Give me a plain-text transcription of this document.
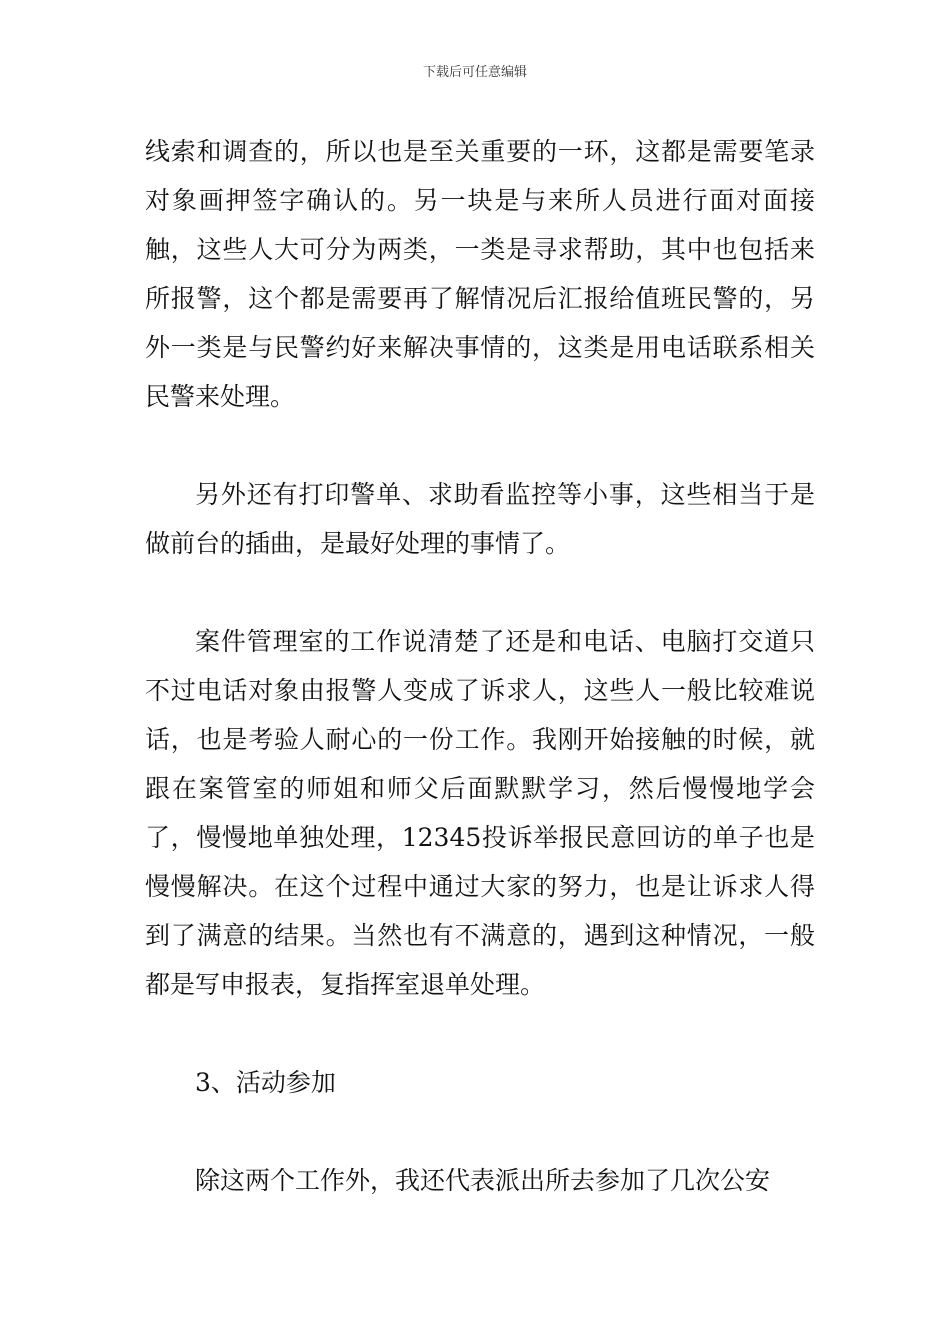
下载后可任意编辑

线索和调查的，所以也是至关重要的一环，这都是需要笔录对象画押签字确认的。另一块是与来所人员进行面对面接触，这些人大可分为两类，一类是寻求帮助，其中也包括来所报警，这个都是需要再了解情况后汇报给值班民警的，另外一类是与民警约好来解决事情的，这类是用电话联系相关民警来处理。

另外还有打印警单、求助看监控等小事，这些相当于是做前台的插曲，是最好处理的事情了。

案件管理室的工作说清楚了还是和电话、电脑打交道只不过电话对象由报警人变成了诉求人，这些人一般比较难说话，也是考验人耐心的一份工作。我刚开始接触的时候，就跟在案管室的师姐和师父后面默默学习，然后慢慢地学会了，慢慢地单独处理，12345投诉举报民意回访的单子也是慢慢解决。在这个过程中通过大家的努力，也是让诉求人得到了满意的结果。当然也有不满意的，遇到这种情况，一般都是写申报表，复指挥室退单处理。

3、活动参加

除这两个工作外，我还代表派出所去参加了几次公安
